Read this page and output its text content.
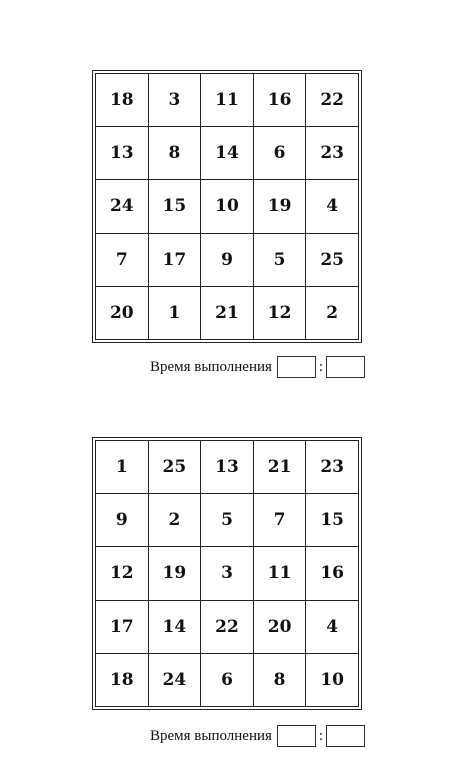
18	3	11	16	22
13	8	14	6	23
24	15	10	19	4
7	17	9	5	25
20	1	21	12	2
Время выполнения	:
1	25	13	21	23
9	2	5	7	15
12	19	3	11	16
17	14	22	20	4
18	24	6	8	10
Время выполнения	:
